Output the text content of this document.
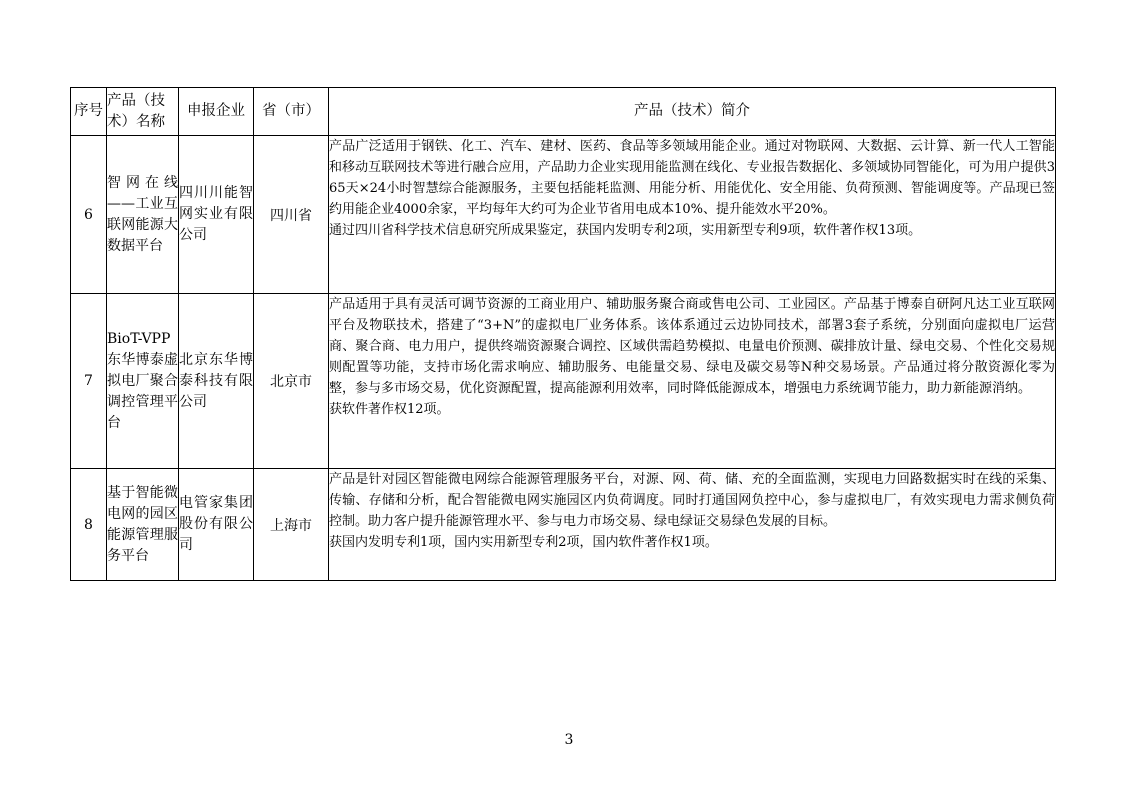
序号	产品（技术）名称	申报企业	省（市）	产品（技术）简介
6	智网在线——工业互联网能源大数据平台	四川川能智网实业有限公司	四川省	产品广泛适用于钢铁、化工、汽车、建材、医药、食品等多领域用能企业。通过对物联网、大数据、云计算、新一代人工智能和移动互联网技术等进行融合应用，产品助力企业实现用能监测在线化、专业报告数据化、多领域协同智能化，可为用户提供365天×24小时智慧综合能源服务，主要包括能耗监测、用能分析、用能优化、安全用能、负荷预测、智能调度等。产品现已签约用能企业4000余家，平均每年大约可为企业节省用电成本10%、提升能效水平20%。

通过四川省科学技术信息研究所成果鉴定，获国内发明专利2项，实用新型专利9项，软件著作权13项。

7	BioT-VPP东华博泰虚拟电厂聚合调控管理平台	北京东华博泰科技有限公司	北京市	产品适用于具有灵活可调节资源的工商业用户、辅助服务聚合商或售电公司、工业园区。产品基于博泰自研阿凡达工业互联网平台及物联技术，搭建了“3+N”的虚拟电厂业务体系。该体系通过云边协同技术，部署3套子系统，分别面向虚拟电厂运营商、聚合商、电力用户，提供终端资源聚合调控、区域供需趋势模拟、电量电价预测、碳排放计量、绿电交易、个性化交易规则配置等功能，支持市场化需求响应、辅助服务、电能量交易、绿电及碳交易等N种交易场景。产品通过将分散资源化零为整，参与多市场交易，优化资源配置，提高能源利用效率，同时降低能源成本，增强电力系统调节能力，助力新能源消纳。

获软件著作权12项。

8	基于智能微电网的园区能源管理服务平台	电管家集团股份有限公司	上海市	产品是针对园区智能微电网综合能源管理服务平台，对源、网、荷、储、充的全面监测，实现电力回路数据实时在线的采集、传输、存储和分析，配合智能微电网实施园区内负荷调度。同时打通国网负控中心，参与虚拟电厂，有效实现电力需求侧负荷控制。助力客户提升能源管理水平、参与电力市场交易、绿电绿证交易绿色发展的目标。

获国内发明专利1项，国内实用新型专利2项，国内软件著作权1项。

3
